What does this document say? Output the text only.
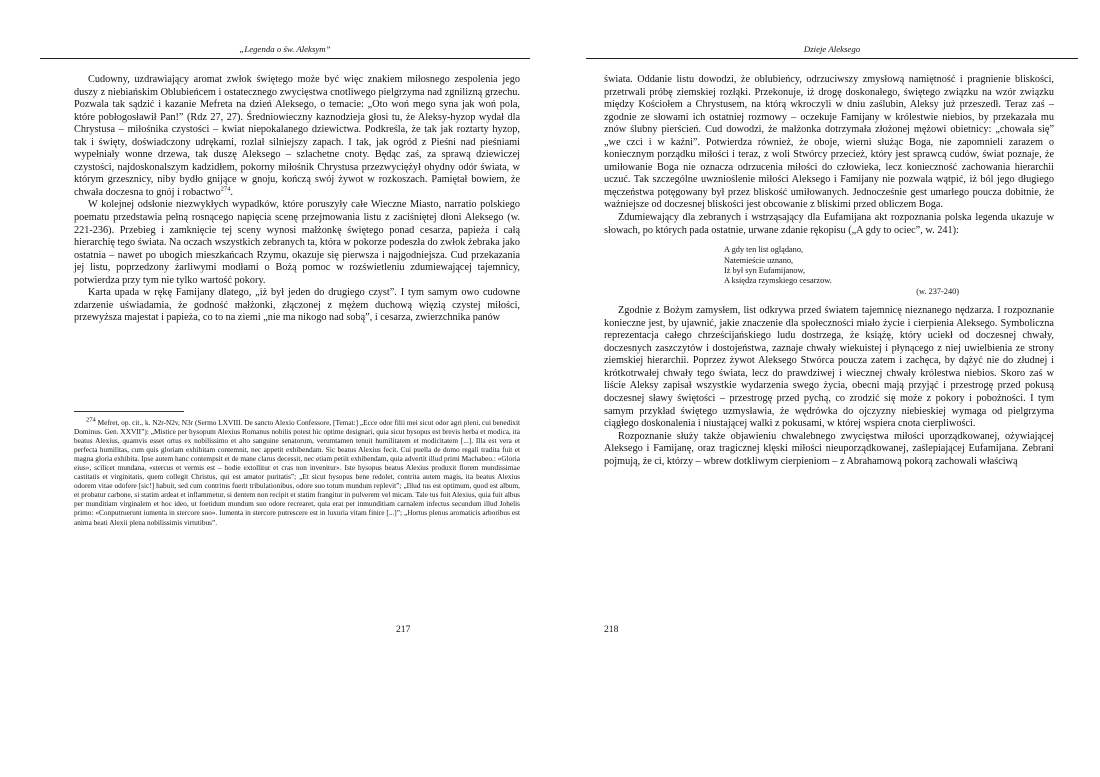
„Legenda o św. Aleksym”

Cudowny, uzdrawiający aromat zwłok świętego może być więc znakiem miłosnego zespolenia jego duszy z niebiańskim Oblubieńcem i ostatecznego zwycięstwa cnotliwego pielgrzyma nad zgnilizną grzechu. Pozwala tak sądzić i kazanie Mefreta na dzień Aleksego, o temacie: „Oto woń mego syna jak woń pola, które pobłogosławił Pan!” (Rdz 27, 27). Średniowieczny kaznodzieja głosi tu, że Aleksy-hyzop wydał dla Chrystusa – miłośnika czystości – kwiat niepokalanego dziewictwa. Podkreśla, że tak jak roztarty hyzop, tak i święty, doświadczony udrękami, rozlał silniejszy zapach. I tak, jak ogród z Pieśni nad pieśniami wypełniały wonne drzewa, tak duszę Aleksego – szlachetne cnoty. Będąc zaś, za sprawą dziewiczej czystości, najdoskonalszym kadzidłem, pokorny miłośnik Chrystusa przezwyciężył ohydny odór świata, w którym grzesznicy, niby bydło gnijące w gnoju, kończą swój żywot w rozkoszach. Pamiętał bowiem, że chwała doczesna to gnój i robactwo$^{274}$.

W kolejnej odsłonie niezwykłych wypadków, które poruszyły całe Wieczne Miasto, narratio polskiego poematu przedstawia pełną rosnącego napięcia scenę przejmowania listu z zaciśniętej dłoni Aleksego (w. 221-236). Przebieg i zamknięcie tej sceny wynosi małżonkę świętego ponad cesarza, papieża i całą hierarchię tego świata. Na oczach wszystkich zebranych ta, która w pokorze podeszła do zwłok żebraka jako ostatnia – nawet po ubogich mieszkańcach Rzymu, okazuje się pierwsza i najgodniejsza. Cud przekazania jej listu, poprzedzony żarliwymi modłami o Bożą pomoc w rozświetleniu zdumiewającej tajemnicy, potwierdza przy tym nie tylko wartość pokory.

Karta upada w rękę Famijany dlatego, „iż był jeden do drugiego czyst”. I tym samym owo cudowne zdarzenie uświadamia, że godność małżonki, złączonej z mężem duchową więzią czystej miłości, przewyższa majestat i papieża, co to na ziemi „nie ma nikogo nad sobą”, i cesarza, zwierzchnika panów

$^{274}$ Mefret, op. cit., k. N2r-N2v, N3r (Sermo LXVIII. De sancto Alexio Confessore, [Temat:] „Ecce odor filii mei sicut odor agri pleni, cui benedixit Dominus. Gen. XXVII”): „Mistice per hysopum Alexius Romanus nobilis potest hic optime designari, quia sicut hysopus est brevis herba et modica, ita beatus Alexius, quamvis esset ortus ex nobilissimo et alto sanguine senatorum, verumtamen tenuit humilitatem et modicitatem [...]. Illa est vera et perfecta humilitas, cum quis gloriam exhibitam contemnit, nec appetit exhibendam. Sic beatus Alexius fecit. Cui puella de domo regali tradita fuit et magna gloria exhibita. Ipse autem hanc contempsit et de mane clarus decessit, nec etiam petiit exhibendam, quia advertit illud primi Machabeo.: «Gloria eius», scilicet mundana, «stercus et vermis est – hodie extollitur et cras non invenitur». Iste hysopus beatus Alexius produxit florem mundissimae castitatis et virginitatis, quem collegit Christus, qui est amator puritatis”; „Et sicut hysopus bene redolet, contrita autem magis, ita beatus Alexius odorem vitae odofere [sic!] habuit, sed cum contritus fuerit tribulationibus, odore suo totum mundum replevit”; „Illud tus est optimum, quod est album, et probatur carbone, si statim ardeat et inflammetur, si dentem non recipit et statim frangitur in pulverem vel micam. Tale tus fuit Alexius, quia fuit albus per munditiam virginalem et hoc ideo, ut foetidum mundum suo odore recrearet, quia erat per inmunditiam carnalem infectus secundum illud Johelis primo: «Conputruerunt iumenta in stercore suo». Iumenta in stercore putrescere est in luxuria vitam finire [...]”; „Hortus plenus aromaticis arboribus est anima beati Alexii plena nobilissimis virtutibus”.

217
Dzieje Aleksego

świata. Oddanie listu dowodzi, że oblubieńcy, odrzuciwszy zmysłową namiętność i pragnienie bliskości, przetrwali próbę ziemskiej rozłąki. Przekonuje, iż drogę doskonałego, świętego związku na wzór związku między Kościołem a Chrystusem, na którą wkroczyli w dniu zaślubin, Aleksy już przeszedł. Teraz zaś – zgodnie ze słowami ich ostatniej rozmowy – oczekuje Famijany w królestwie niebios, by przekazała mu znów ślubny pierścień. Cud dowodzi, że małżonka dotrzymała złożonej mężowi obietnicy: „chowała się” „we czci i w kaźni”. Potwierdza również, że oboje, wierni służąc Boga, nie zapomnieli zarazem o koniecznym porządku miłości i teraz, z woli Stwórcy przecież, który jest sprawcą cudów, świat poznaje, że umiłowanie Boga nie oznacza odrzucenia miłości do człowieka, lecz konieczność zachowania hierarchii uczuć. Tak szczególne uwznioślenie miłości Aleksego i Famijany nie pozwala wątpić, iż ból jego długiego męczeństwa potęgowany był przez bliskość umiłowanych. Jednocześnie gest umarłego poucza dobitnie, że ważniejsze od doczesnej bliskości jest obcowanie z bliskimi przed obliczem Boga.

Zdumiewający dla zebranych i wstrząsający dla Eufamijana akt rozpoznania polska legenda ukazuje w słowach, po których pada ostatnie, urwane zdanie rękopisu („A gdy to ociec”, w. 241):

A gdy ten list oglądano,
Natemieście uznano,
Iż był syn Eufamijanow,
A księdza rzymskiego cesarzow.
(w. 237-240)

Zgodnie z Bożym zamysłem, list odkrywa przed światem tajemnicę nieznanego nędzarza. I rozpoznanie konieczne jest, by ujawnić, jakie znaczenie dla społeczności miało życie i cierpienia Aleksego. Symboliczna reprezentacja całego chrześcijańskiego ludu dostrzega, że książę, który uciekł od doczesnej chwały, doczesnych zaszczytów i dostojeństwa, zaznaje chwały wiekuistej i płynącego z niej uwielbienia ze strony ziemskiej hierarchii. Poprzez żywot Aleksego Stwórca poucza zatem i zachęca, by dążyć nie do złudnej i krótkotrwałej chwały tego świata, lecz do prawdziwej i wiecznej chwały królestwa niebios. Skoro zaś w liście Aleksy zapisał wszystkie wydarzenia swego życia, obecni mają przyjąć i przestrogę przed pokusą doczesnej sławy świętości – przestrogę przed pychą, co zrodzić się może z pokory i pobożności. I tym samym przykład świętego uzmysławia, że wędrówka do ojczyzny niebieskiej wymaga od pielgrzyma ciągłego doskonalenia i niustającej walki z pokusami, w której wspiera cnota cierpliwości.

Rozpoznanie służy także objawieniu chwalebnego zwycięstwa miłości uporządkowanej, ożywiającej Aleksego i Famijanę, oraz tragicznej klęski miłości nieuporządkowanej, zaślepiającej Eufamijana. Zebrani pojmują, że ci, którzy – wbrew dotkliwym cierpieniom – z Abrahamową pokorą zachowali właściwą

218
